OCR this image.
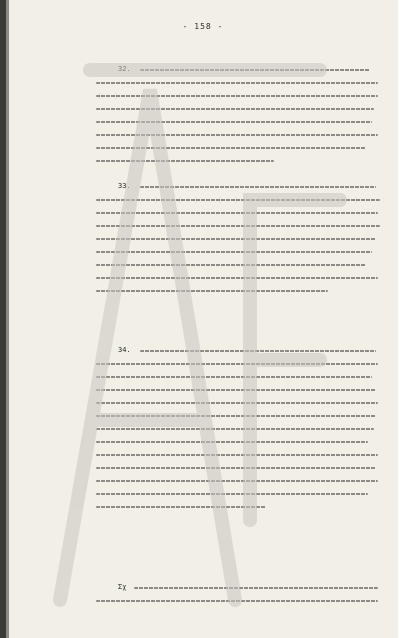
- 158 -
32.
33.
34.
Σχ
